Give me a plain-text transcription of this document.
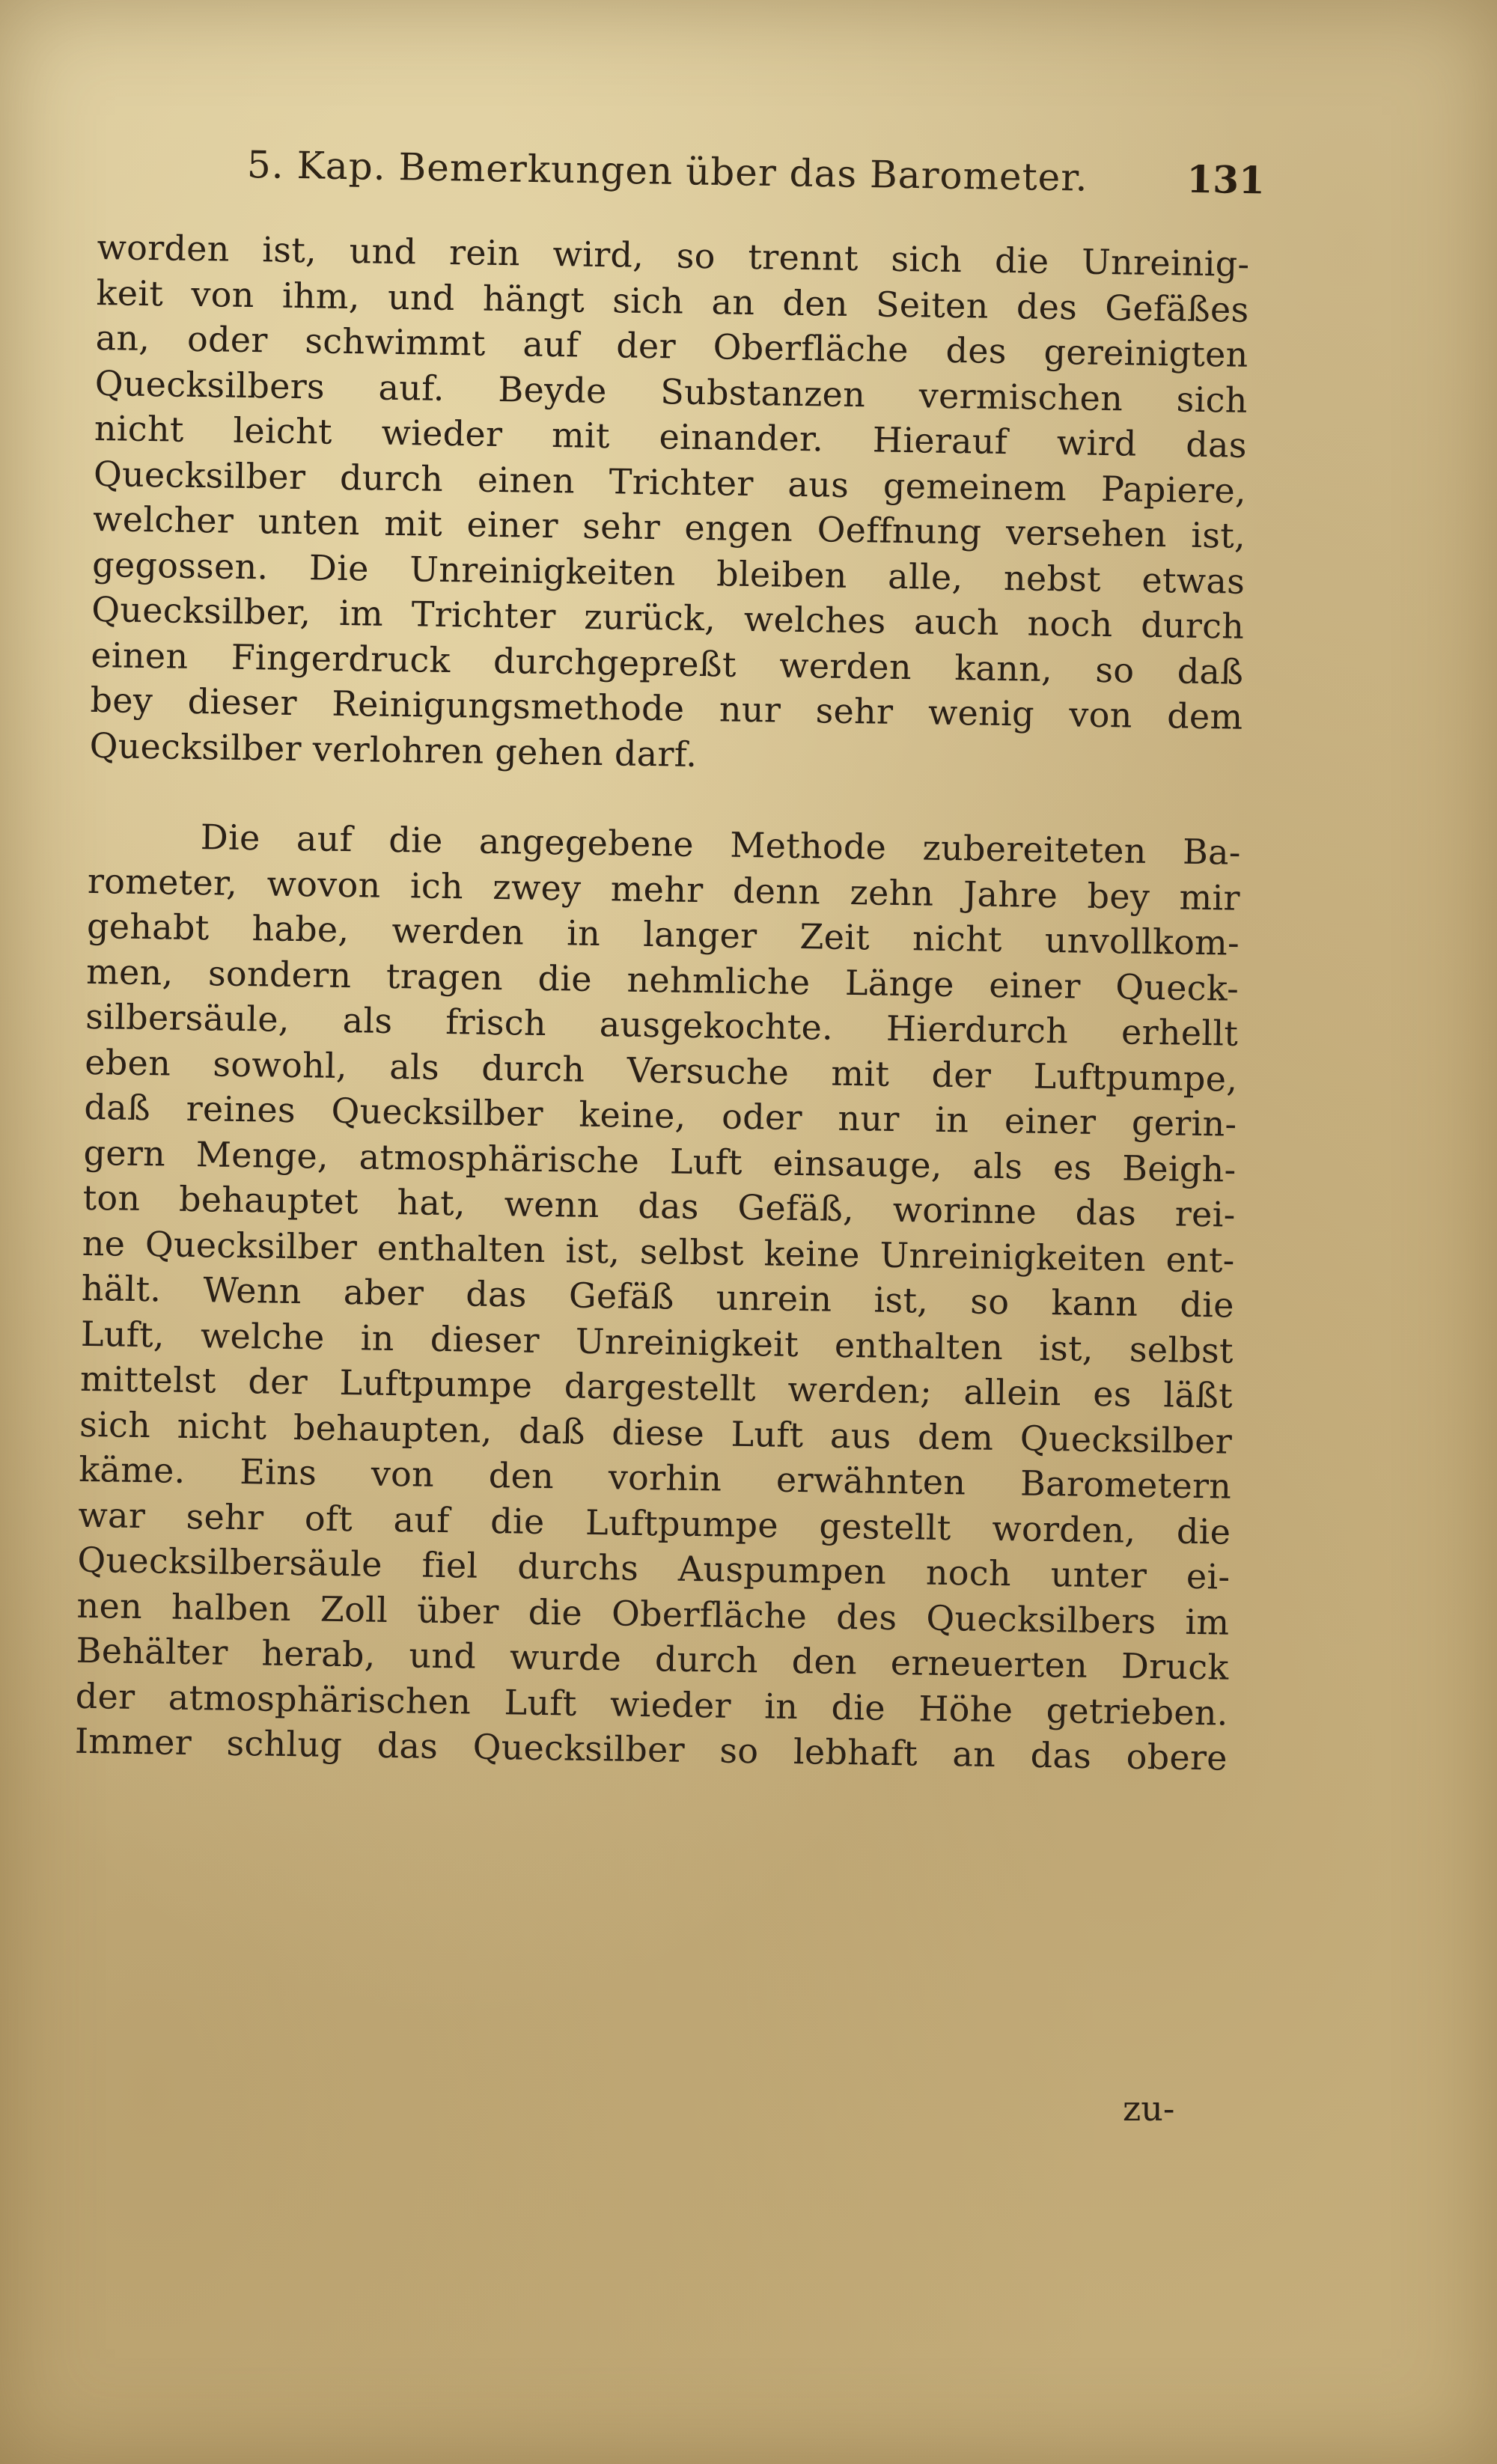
5. Kap. Bemerkungen über das Barometer.	131
worden ist, und rein wird, so trennt sich die Unreinig-
keit von ihm, und hängt sich an den Seiten des Gefäßes
an, oder schwimmt auf der Oberfläche des gereinigten
Quecksilbers auf. Beyde Substanzen vermischen sich
nicht leicht wieder mit einander. Hierauf wird das
Quecksilber durch einen Trichter aus gemeinem Papiere,
welcher unten mit einer sehr engen Oeffnung versehen ist,
gegossen. Die Unreinigkeiten bleiben alle, nebst etwas
Quecksilber, im Trichter zurück, welches auch noch durch
einen Fingerdruck durchgepreßt werden kann, so daß
bey dieser Reinigungsmethode nur sehr wenig von dem
Quecksilber verlohren gehen darf.
Die auf die angegebene Methode zubereiteten Ba-
rometer, wovon ich zwey mehr denn zehn Jahre bey mir
gehabt habe, werden in langer Zeit nicht unvollkom-
men, sondern tragen die nehmliche Länge einer Queck-
silbersäule, als frisch ausgekochte. Hierdurch erhellt
eben sowohl, als durch Versuche mit der Luftpumpe,
daß reines Quecksilber keine, oder nur in einer gerin-
gern Menge, atmosphärische Luft einsauge, als es Beigh-
ton behauptet hat, wenn das Gefäß, worinne das rei-
ne Quecksilber enthalten ist, selbst keine Unreinigkeiten ent-
hält. Wenn aber das Gefäß unrein ist, so kann die
Luft, welche in dieser Unreinigkeit enthalten ist, selbst
mittelst der Luftpumpe dargestellt werden; allein es läßt
sich nicht behaupten, daß diese Luft aus dem Quecksilber
käme. Eins von den vorhin erwähnten Barometern
war sehr oft auf die Luftpumpe gestellt worden, die
Quecksilbersäule fiel durchs Auspumpen noch unter ei-
nen halben Zoll über die Oberfläche des Quecksilbers im
Behälter herab, und wurde durch den erneuerten Druck
der atmosphärischen Luft wieder in die Höhe getrieben.
Immer schlug das Quecksilber so lebhaft an das obere
zu-
